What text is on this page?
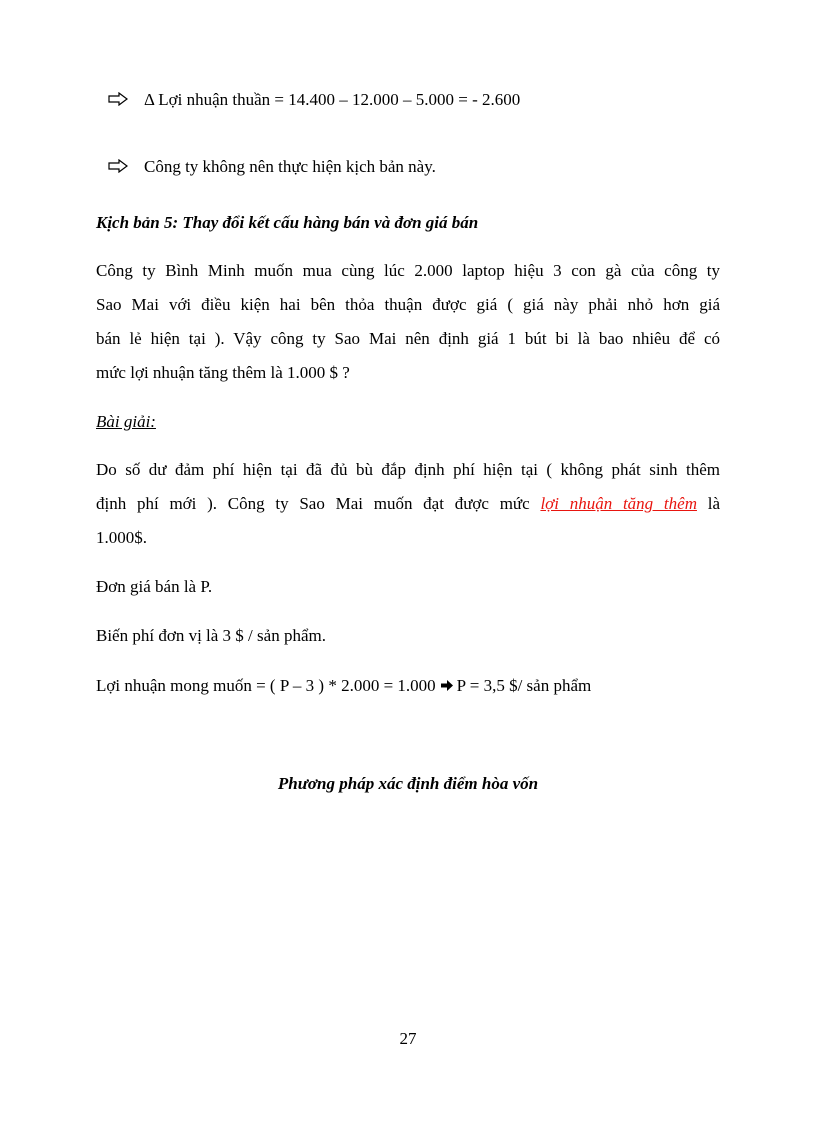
Δ Lợi nhuận thuần = 14.400 – 12.000 – 5.000 = - 2.600
Công ty không nên thực hiện kịch bản này.

Kịch bản 5: Thay đổi kết cấu hàng bán và đơn giá bán

Công ty Bình Minh muốn mua cùng lúc 2.000 laptop hiệu 3 con gà của công ty

Sao Mai với điều kiện hai bên thỏa thuận được giá ( giá này phải nhỏ hơn giá

bán lẻ hiện tại ). Vậy công ty Sao Mai nên định giá 1 bút bi là bao nhiêu để có

mức lợi nhuận tăng thêm là 1.000 $ ?

Bài giải:

Do số dư đảm phí hiện tại đã đủ bù đắp định phí hiện tại ( không phát sinh thêm

định phí mới ). Công ty Sao Mai muốn đạt được mức lợi nhuận tăng thêm là

1.000$.

Đơn giá bán là P.

Biến phí đơn vị là 3 $ / sản phẩm.

Lợi nhuận mong muốn = ( P – 3 ) * 2.000 = 1.000 P = 3,5 $/ sản phẩm

Phương pháp xác định điểm hòa vốn
27
